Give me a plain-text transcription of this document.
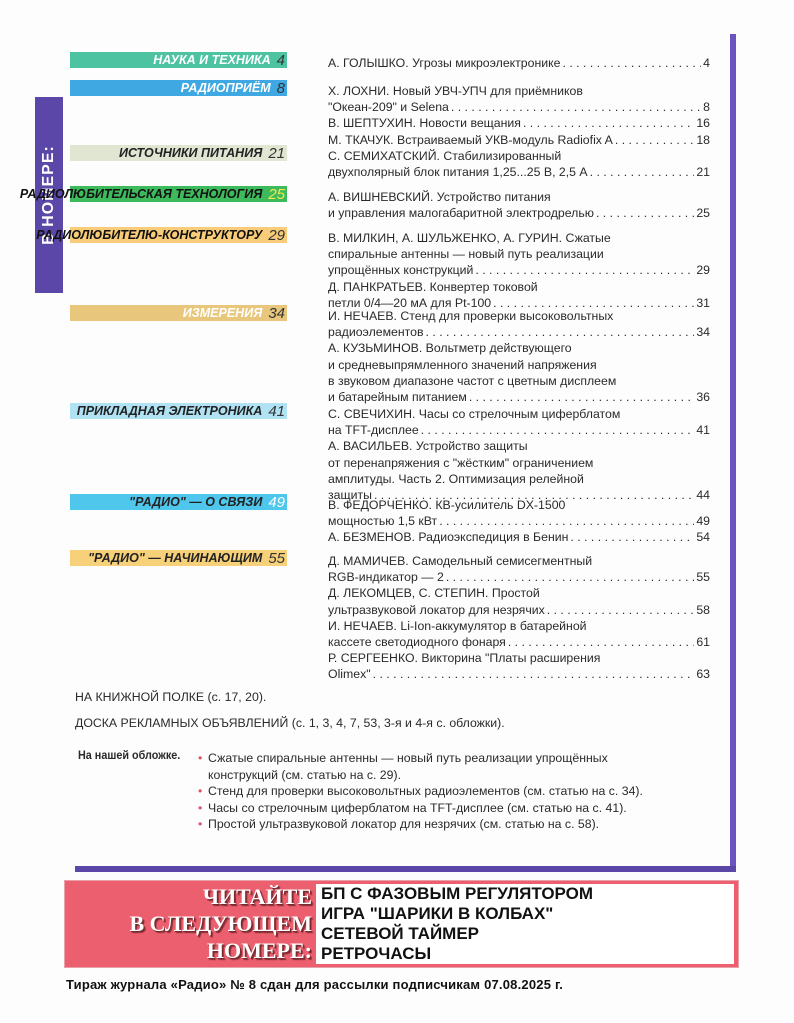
В НОМЕРЕ:
НАУКА И ТЕХНИКА 4	А. ГОЛЫШКО. Угрозы микроэлектронике . . .	4
РАДИОПРИЁМ 8	Х. ЛОХНИ. Новый УВЧ-УПЧ для приёмников
"Океан-209" и Selena . . .	8
В. ШЕПТУХИН. Новости вещания . . .	16
М. ТКАЧУК. Встраиваемый УКВ-модуль Radiofix A . . .	18
ИСТОЧНИКИ ПИТАНИЯ 21	С. СЕМИХАТСКИЙ. Стабилизированный
двухполярный блок питания 1,25...25 В, 2,5 А . . .	21
РАДИОЛЮБИТЕЛЬСКАЯ ТЕХНОЛОГИЯ 25	А. ВИШНЕВСКИЙ. Устройство питания
и управления малогабаритной электродрелью . . .	25
РАДИОЛЮБИТЕЛЮ-КОНСТРУКТОРУ 29	В. МИЛКИН, А. ШУЛЬЖЕНКО, А. ГУРИН. Сжатые
спиральные антенны — новый путь реализации
упрощённых конструкций . . .	29
Д. ПАНКРАТЬЕВ. Конвертер токовой
петли 0/4—20 мА для Pt-100 . . .	31
ИЗМЕРЕНИЯ 34	И. НЕЧАЕВ. Стенд для проверки высоковольтных
радиоэлементов . . .	34
А. КУЗЬМИНОВ. Вольтметр действующего
и средневыпрямленного значений напряжения
в звуковом диапазоне частот с цветным дисплеем
и батарейным питанием . . .	36
ПРИКЛАДНАЯ ЭЛЕКТРОНИКА 41	С. СВЕЧИХИН. Часы со стрелочным циферблатом
на TFT-дисплее . . .	41
А. ВАСИЛЬЕВ. Устройство защиты
от перенапряжения с "жёстким" ограничением
амплитуды. Часть 2. Оптимизация релейной
защиты . . .	44
"РАДИО" — О СВЯЗИ 49	В. ФЕДОРЧЕНКО. КВ-усилитель DX-1500
мощностью 1,5 кВт . . .	49
А. БЕЗМЕНОВ. Радиоэкспедиция в Бенин . . .	54
"РАДИО" — НАЧИНАЮЩИМ 55	Д. МАМИЧЕВ. Самодельный семисегментный
RGB-индикатор — 2 . . .	55
Д. ЛЕКОМЦЕВ, С. СТЕПИН. Простой
ультразвуковой локатор для незрячих . . .	58
И. НЕЧАЕВ. Li-Ion-аккумулятор в батарейной
кассете светодиодного фонаря . . .	61
Р. СЕРГЕЕНКО. Викторина "Платы расширения
Olimex" . . .	63
НА КНИЖНОЙ ПОЛКЕ (с. 17, 20).
ДОСКА РЕКЛАМНЫХ ОБЪЯВЛЕНИЙ (с. 1, 3, 4, 7, 53, 3-я и 4-я с. обложки).
На нашей обложке.	• Сжатые спиральные антенны — новый путь реализации упрощённых конструкций (см. статью на с. 29).
• Стенд для проверки высоковольтных радиоэлементов (см. статью на с. 34).
• Часы со стрелочным циферблатом на TFT-дисплее (см. статью на с. 41).
• Простой ультразвуковой локатор для незрячих (см. статью на с. 58).
ЧИТАЙТЕ
В СЛЕДУЮЩЕМ
НОМЕРЕ:
БП С ФАЗОВЫМ РЕГУЛЯТОРОМ
ИГРА "ШАРИКИ В КОЛБАХ"
СЕТЕВОЙ ТАЙМЕР
РЕТРОЧАСЫ
Тираж журнала «Радио» № 8 сдан для рассылки подписчикам 07.08.2025 г.
